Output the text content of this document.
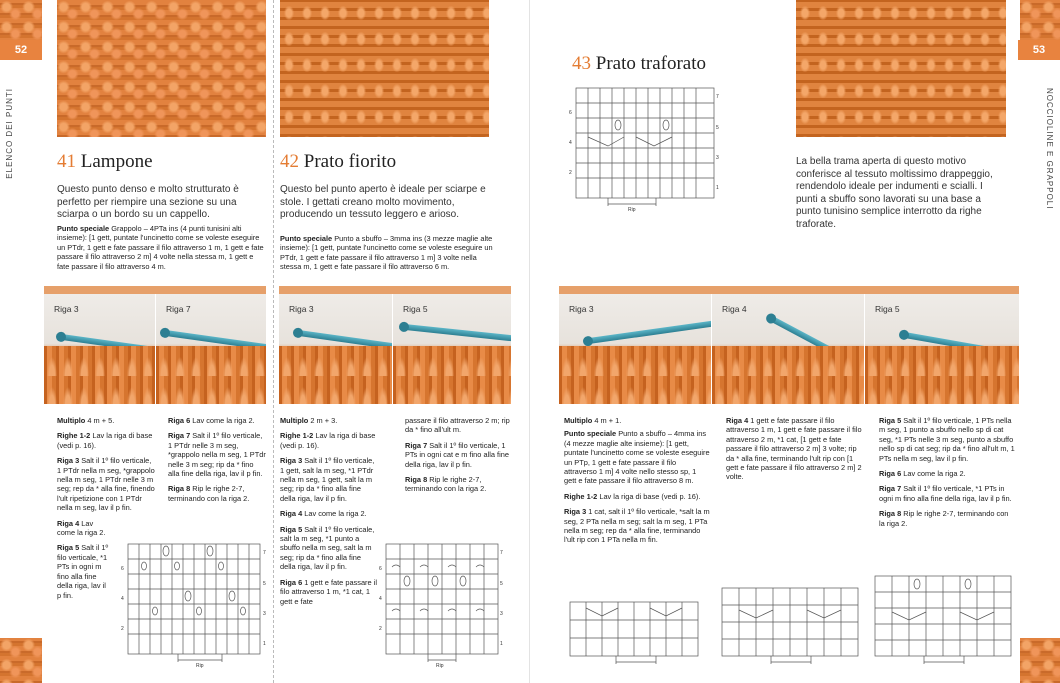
52
ELENCO DEI PUNTI 41 Lampone
Questo punto denso e molto strutturato è perfetto per riempire una sezione su una sciarpa o un bordo su un cappello.
Punto speciale Grappolo – 4PTa ins (4 punti tunisini alti insieme): [1 gett, puntate l'uncinetto come se voleste eseguire un PTdr, 1 gett e fate passare il filo attraverso 1 m, 1 gett e fate passare il filo attraverso 2 m] 4 volte nella stessa m, 1 gett e fate passare il filo attraverso 4 m.
42 Prato fiorito
Questo bel punto aperto è ideale per sciarpe e stole. I gettati creano molto movimento, producendo un tessuto leggero e arioso.
Punto speciale Punto a sbuffo – 3mma ins (3 mezze maglie alte insieme): [1 gett, puntate l'uncinetto come se voleste eseguire un PTdr, 1 gett e fate passare il filo attraverso 1 m] 3 volte nella stessa m, 1 gett e fate passare il filo attraverso 6 m.
Riga 3	Riga 7	Riga 3	Riga 5

Multiplo 4 m + 5.

Righe 1-2 Lav la riga di base (vedi p. 16).

Riga 3 Salt il 1º filo verticale, 1 PTdr nella m seg, *grappolo nella m seg, 1 PTdr nelle 3 m seg; rep da * alla fine, finendo l'ult ripetizione con 1 PTdr nella m seg, lav il p fin.

Riga 4 Lav come la riga 2.

Riga 5 Salt il 1º filo verticale, *1 PTs in ogni m fino alla fine della riga, lav il p fin.

Riga 6 Lav come la riga 2.

Riga 7 Salt il 1º filo verticale, 1 PTdr nelle 3 m seg, *grappolo nella m seg, 1 PTdr nelle 3 m seg; rip da * fino alla fine della riga, lav il p fin.

Riga 8 Rip le righe 2-7, terminando con la riga 2.

7
6
5
4
3
2
1
Rip

Multiplo 2 m + 3.

Righe 1-2 Lav la riga di base (vedi p. 16).

Riga 3 Salt il 1º filo verticale, 1 gett, salt la m seg, *1 PTdr nella m seg, 1 gett, salt la m seg; rip da * fino alla fine della riga, lav il p fin.

Riga 4 Lav come la riga 2.

Riga 5 Salt il 1º filo verticale, salt la m seg, *1 punto a sbuffo nella m seg, salt la m seg; rip da * fino alla fine della riga, lav il p fin.

Riga 6 1 gett e fate passare il filo attraverso 1 m, *1 cat, 1 gett e fate

passare il filo attraverso 2 m; rip da * fino all'ult m.

Riga 7 Salt il 1º filo verticale, 1 PTs in ogni cat e m fino alla fine della riga, lav il p fin.

Riga 8 Rip le righe 2-7, terminando con la riga 2.

7
6
5
4
3
2
1
Rip
53
NOCCIOLINE E GRAPPOLI
43 Prato traforato
7
6
5
4
3
2
1
Rip
La bella trama aperta di questo motivo conferisce al tessuto moltissimo drappeggio, rendendolo ideale per indumenti e scialli. I punti a sbuffo sono lavorati su una base a punto tunisino semplice interrotto da righe traforate.
Riga 3	Riga 4	Riga 5

Multiplo 4 m + 1.

Punto speciale Punto a sbuffo – 4mma ins (4 mezze maglie alte insieme): [1 gett, puntate l'uncinetto come se voleste eseguire un PTp, 1 gett e fate passare il filo attraverso 1 m] 4 volte nello stesso sp, 1 gett e fate passare il filo attraverso 8 m.

Righe 1-2 Lav la riga di base (vedi p. 16).

Riga 3 1 cat, salt il 1º filo verticale, *salt la m seg, 2 PTa nella m seg; salt la m seg, 1 PTa nella m seg; rep da * alla fine, terminando l'ult rip con 1 PTa nella m fin.

Riga 4 1 gett e fate passare il filo attraverso 1 m, 1 gett e fate passare il filo attraverso 2 m, *1 cat, [1 gett e fate passare il filo attraverso 2 m] 3 volte; rip da * alla fine, terminando l'ult rip con [1 gett e fate passare il filo attraverso 2 m] 2 volte.

Riga 5 Salt il 1º filo verticale, 1 PTs nella m seg, 1 punto a sbuffo nello sp di cat seg, *1 PTs nelle 3 m seg, punto a sbuffo nello sp di cat seg; rip da * fino all'ult m, 1 PTs nella m seg, lav il p fin.

Riga 6 Lav come la riga 2.

Riga 7 Salt il 1º filo verticale, *1 PTs in ogni m fino alla fine della riga, lav il p fin.

Riga 8 Rip le righe 2-7, terminando con la riga 2.
